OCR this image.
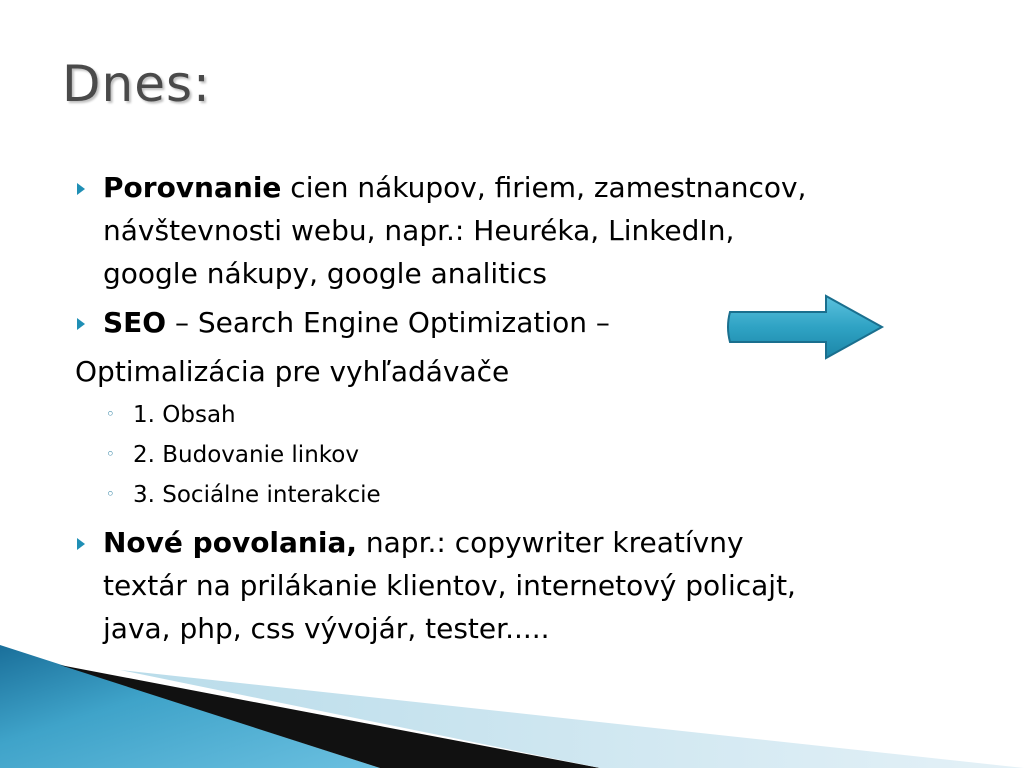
Dnes:
Porovnanie cien nákupov, firiem, zamestnancov,
návštevnosti webu, napr.: Heuréka, LinkedIn,
google nákupy, google analitics
SEO – Search Engine Optimization –
Optimalizácia pre vyhľadávače
◦ 1. Obsah
◦ 2. Budovanie linkov
◦ 3. Sociálne interakcie
Nové povolania, napr.: copywriter kreatívny
textár na prilákanie klientov, internetový policajt,
java, php, css vývojár, tester.....
